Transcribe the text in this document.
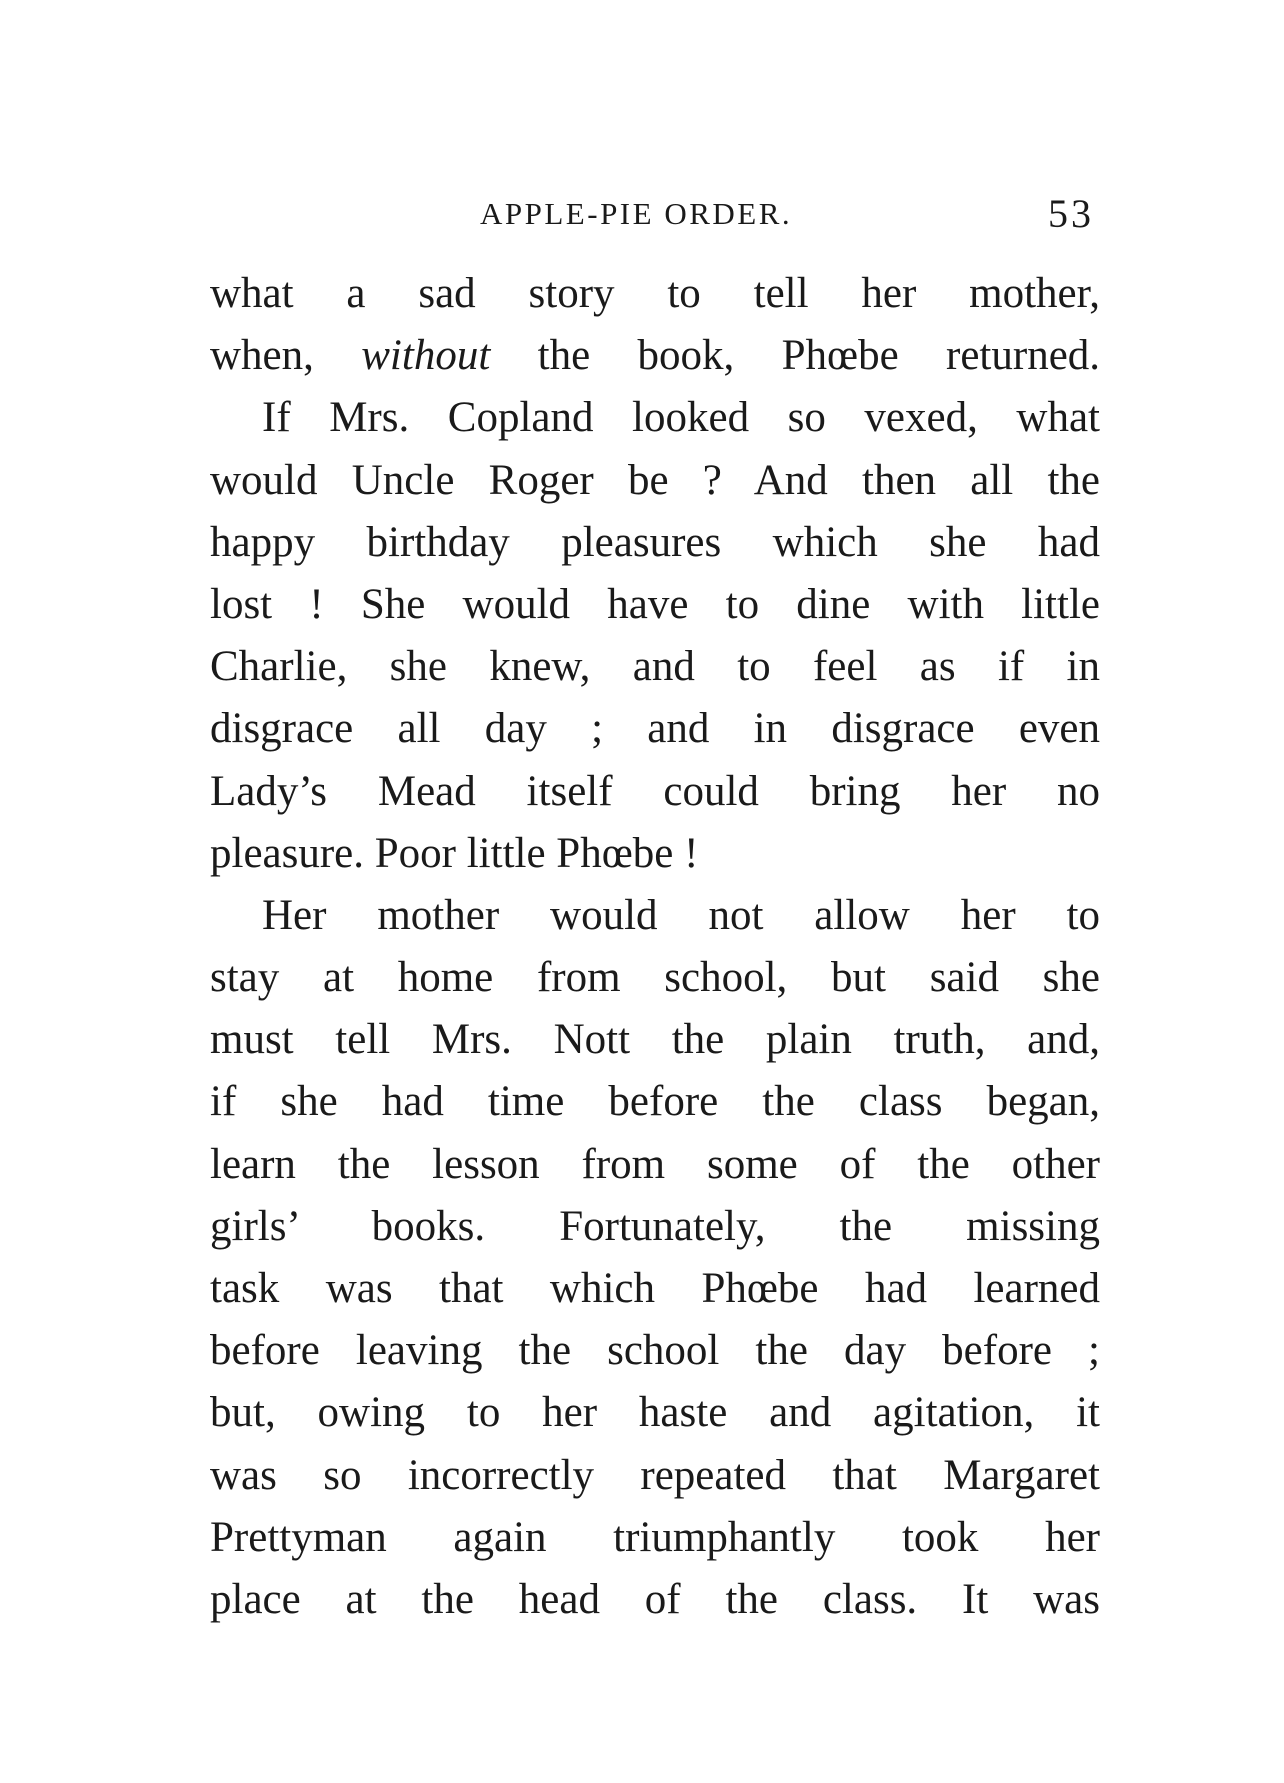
APPLE-PIE ORDER.	53
what a sad story to tell her mother,
when, without the book, Phœbe returned.
If Mrs. Copland looked so vexed, what
would Uncle Roger be ? And then all the
happy birthday pleasures which she had
lost ! She would have to dine with little
Charlie, she knew, and to feel as if in
disgrace all day ; and in disgrace even
Lady’s Mead itself could bring her no
pleasure. Poor little Phœbe !
Her mother would not allow her to
stay at home from school, but said she
must tell Mrs. Nott the plain truth, and,
if she had time before the class began,
learn the lesson from some of the other
girls’ books. Fortunately, the missing
task was that which Phœbe had learned
before leaving the school the day before ;
but, owing to her haste and agitation, it
was so incorrectly repeated that Margaret
Prettyman again triumphantly took her
place at the head of the class. It was
